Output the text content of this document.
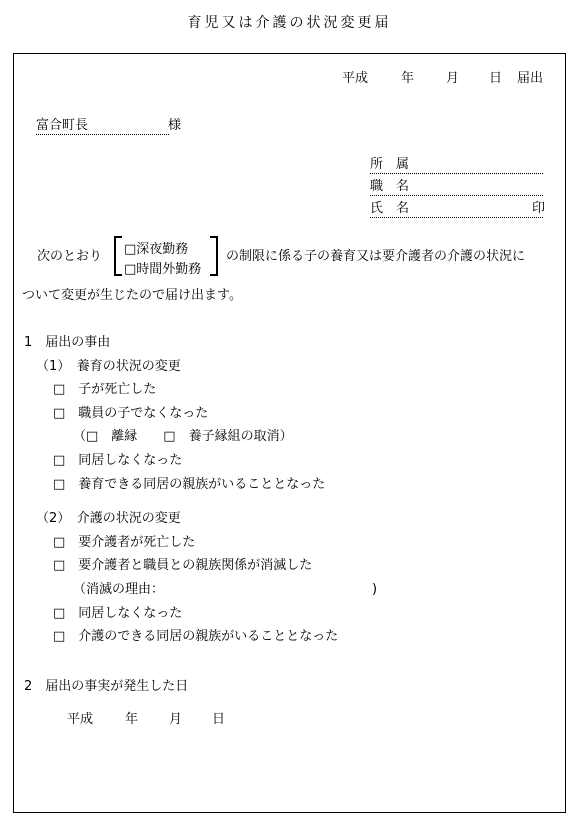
育児又は介護の状況変更届
平成	年 月 日 届出
富合町長	様
所　属
職　名
氏　名	印
次のとおり □深夜勤務
□時間外勤務
の制限に係る子の養育又は要介護者の介護の状況に
ついて変更が生じたので届け出ます。
1　届出の事由
（1）　養育の状況の変更
□　子が死亡した
□　職員の子でなくなった
（□　離縁　　□　養子縁組の取消）
□　同居しなくなった
□　養育できる同居の親族がいることとなった
（2）　介護の状況の変更
□　要介護者が死亡した
□　要介護者と職員との親族関係が消滅した
（消滅の理由：	)
□　同居しなくなった
□　介護のできる同居の親族がいることとなった
2　届出の事実が発生した日
平成 年 月 日
